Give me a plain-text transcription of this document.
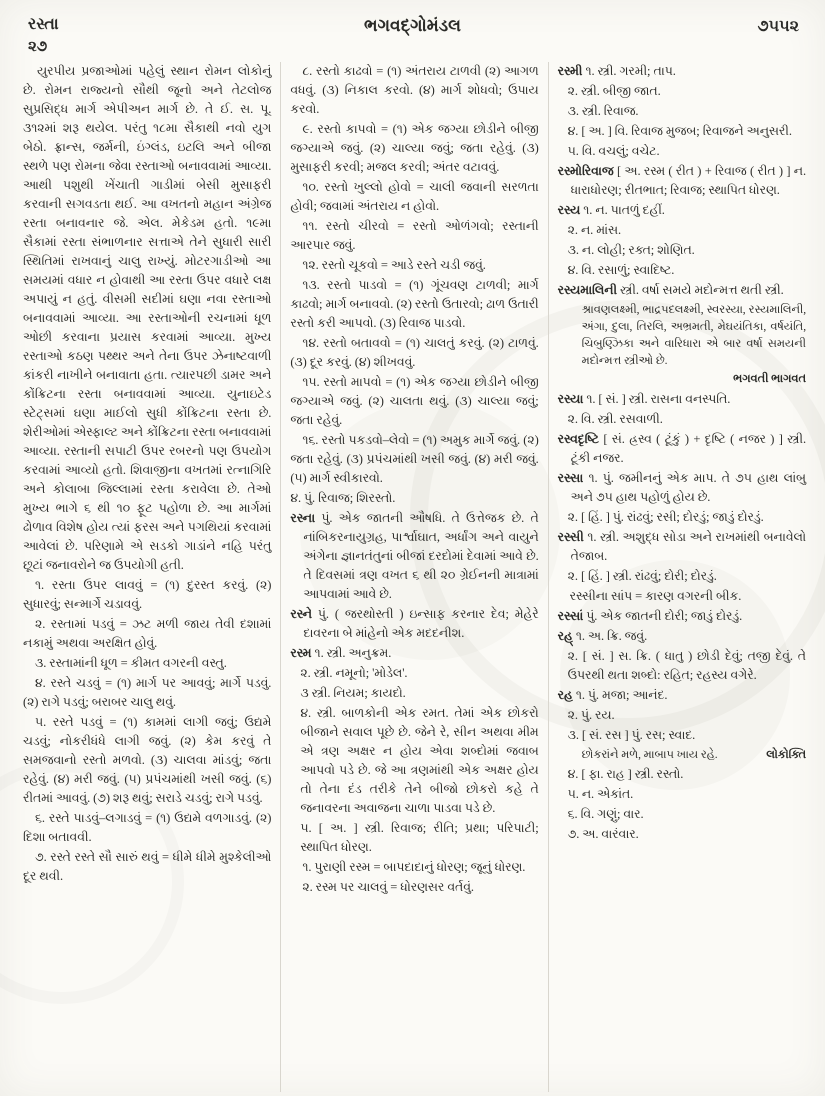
રસ્તા
૨૭
ભગવદ્ગોમંડલ	૭૫૫૨

યુરપીય પ્રજાઓમાં પહેલું સ્થાન રોમન લોકોનું છે. રોમન રાજ્યનો સૌથી જૂનો અને તેટલોજ સુપ્રસિદ્ધ માર્ગ એપીઅન માર્ગ છે. તે ઈ. સ. પૂ. ૩૧૨માં શરૂ થયેલ. પરંતુ ૧૮મા સૈકાથી નવો યુગ બેઠો. ફ્રાન્સ, જર્મની, ઇંગ્લંડ, ઇટલિ અને બીજા સ્થળે પણ રોમના જેવા રસ્તાઓ બનાવવામાં આવ્યા. આથી પશુથી ખેંચાતી ગાડીમાં બેસી મુસાફરી કરવાની સગવડતા થઈ. આ વખતનો મહાન અંગ્રેજ રસ્તા બનાવનાર જે. એલ. મેકેડમ હતો. ૧૯મા સૈકામાં રસ્તા સંભાળનાર સત્તાએ તેને સુધારી સારી સ્થિતિમાં રાખવાનું ચાલુ રાખ્યું. મોટરગાડીઓ આ સમયમાં વધાર ન હોવાથી આ રસ્તા ઉપર વધારે લક્ષ અપાયું ન હતું. વીસમી સદીમાં ઘણા નવા રસ્તાઓ બનાવવામાં આવ્યા. આ રસ્તાઓની રચનામાં ધૂળ ઓછી કરવાના પ્રયાસ કરવામાં આવ્યા. મુખ્ય રસ્તાઓ કઠણ પથ્થર અને તેના ઉપર ઝેનાષ્ટવાળી કાંકરી નાખીને બનાવાતા હતા. ત્યારપછી ડામર અને કોંક્રિટના રસ્તા બનાવવામાં આવ્યા. યુનાઇટેડ સ્ટેટ્સમાં ઘણા માઈલો સુધી કોંક્રિટના રસ્તા છે. શેરીઓમાં એસ્ફાલ્ટ અને કોંક્રિટના રસ્તા બનાવવામાં આવ્યા. રસ્તાની સપાટી ઉપર રબરનો પણ ઉપયોગ કરવામાં આવ્યો હતો. શિવાજીના વખતમાં રત્નાગિરિ અને કોલાબા જિલ્લામાં રસ્તા કરાવેલા છે. તેઓ મુખ્ય ભાગે ૬ થી ૧૦ ફૂટ પહોળા છે. આ માર્ગમાં ઢોળાવ વિશેષ હોય ત્યાં ફરસ અને પગથિયાં કરવામાં આવેલાં છે. પરિણામે એ સડકો ગાડાંને નહિ પરંતુ છૂટાં જનાવરોને જ ઉપયોગી હતી.

૧. રસ્તા ઉપર લાવવું = (૧) દુરસ્ત કરવું. (૨) સુધારવું; સન્માર્ગે ચડાવવું.

૨. રસ્તામાં પડવું = ઝટ મળી જાય તેવી દશામાં નકામું અથવા અરક્ષિત હોવું.

૩. રસ્તામાંની ધૂળ = કીમત વગરની વસ્તુ.

૪. રસ્તે ચડવું = (૧) માર્ગ પર આવવું; માર્ગે પડવું. (૨) રાગે પડવું; બરાબર ચાલુ થવું.

૫. રસ્તે પડવું = (૧) કામમાં લાગી જવું; ઉદ્યમે ચડવું; નોકરીધંધે લાગી જવું. (૨) કેમ કરવું તે સમજવાનો રસ્તો મળવો. (૩) ચાલવા માંડવું; જતા રહેવું. (૪) મરી જવું. (૫) પ્રપંચમાંથી ખસી જવું. (૬) રીતમાં આવવું. (૭) શરૂ થવું; સરાડે ચડવું; રાગે પડવું.

૬. રસ્તે પાડવું–લગાડવું = (૧) ઉદ્યમે વળગાડવું. (૨) દિશા બતાવવી.

૭. રસ્તે રસ્તે સૌ સારું થવું = ધીમે ધીમે મુશ્કેલીઓ દૂર થવી.

૮. રસ્તો કાઢવો = (૧) અંતરાય ટાળવી (૨) આગળ વધવું. (૩) નિકાલ કરવો. (૪) માર્ગ શોધવો; ઉપાય કરવો.

૯. રસ્તો કાપવો = (૧) એક જગ્યા છોડીને બીજી જગ્યાએ જવું. (૨) ચાલ્યા જવું; જતા રહેવું. (૩) મુસાફરી કરવી; મજલ કરવી; અંતર વટાવવું.

૧૦. રસ્તો ખુલ્લો હોવો = ચાલી જવાની સરળતા હોવી; જવામાં અંતરાય ન હોવો.

૧૧. રસ્તો ચીરવો = રસ્તો ઓળંગવો; રસ્તાની આરપાર જવું.

૧૨. રસ્તો ચૂકવો = આડે રસ્તે ચડી જવું.

૧૩. રસ્તો પાડવો = (૧) ગૂંચવણ ટાળવી; માર્ગ કાઢવો; માર્ગ બનાવવો. (૨) રસ્તો ઉતારવો; ઢાળ ઉતારી રસ્તો કરી આપવો. (૩) રિવાજ પાડવો.

૧૪. રસ્તો બતાવવો = (૧) ચાલતું કરવું. (૨) ટાળવું. (૩) દૂર કરવું. (૪) શીખવવું.

૧૫. રસ્તો માપવો = (૧) એક જગ્યા છોડીને બીજી જગ્યાએ જવું. (૨) ચાલતા થવું. (૩) ચાલ્યા જવું; જતા રહેવું.

૧૬. રસ્તો પકડવો–લેવો = (૧) અમુક માર્ગે જવું. (૨) જતા રહેવું. (૩) પ્રપંચમાંથી ખસી જવું. (૪) મરી જવું. (૫) માર્ગ સ્વીકારવો.

૪. પું. રિવાજ; શિરસ્તો.

રસ્ના પું. એક જાતની ઔષધિ. તે ઉત્તેજક છે. તે નાંબિકરનાયુગ્રહ, પાર્શ્વાઘાત, અર્ધાંગ અને વાયુને અંગેના જ્ઞાનતંતુનાં બીજાં દરદોમાં દેવામાં આવે છે. તે દિવસમાં ત્રણ વખત ૬ થી ૨૦ ગ્રેઈનની માત્રામાં આપવામાં આવે છે.

રસ્ને પું. ( જરથોસ્તી ) ઇન્સાફ કરનાર દેવ; મેહેરે દાવરના બે માંહેનો એક મદદનીશ.

રસ્મ ૧. સ્ત્રી. અનુક્રમ.

૨. સ્ત્રી. નમૂનો; 'મોડેલ'.

૩ સ્ત્રી. નિયમ; કાયદો.

૪. સ્ત્રી. બાળકોની એક રમત. તેમાં એક છોકરો બીજાને સવાલ પૂછે છે. જેને રે, સીન અથવા મીમ એ ત્રણ અક્ષર ન હોય એવા શબ્દોમાં જવાબ આપવો પડે છે. જે આ ત્રણમાંથી એક અક્ષર હોય તો તેના દંડ તરીકે તેને બીજો છોકરો કહે તે જનાવરના અવાજના ચાળા પાડવા પડે છે.

૫. [ અ. ] સ્ત્રી. રિવાજ; રીતિ; પ્રથા; પરિપાટી; સ્થાપિત ધોરણ.

૧. પુરાણી રસ્મ = બાપદાદાનું ધોરણ; જૂનું ધોરણ.

૨. રસ્મ પર ચાલવું = ધોરણસર વર્તવું.

રસ્મી ૧. સ્ત્રી. ગરમી; તાપ.

૨. સ્ત્રી. બીજી જાત.

૩. સ્ત્રી. રિવાજ.

૪. [ અ. ] વિ. રિવાજ મુજબ; રિવાજને અનુસરી.

૫. વિ. વચલું; વચેટ.

રસ્મોરિવાજ [ અ. રસ્મ ( રીત ) + રિવાજ ( રીત ) ] ન. ધારાધોરણ; રીતભાત; રિવાજ; સ્થાપિત ધોરણ.

રસ્ય ૧. ન. પાતળું દહીં.

૨. ન. માંસ.

૩. ન. લોહી; રક્ત; શોણિત.

૪. વિ. રસાળું; સ્વાદિષ્ટ.

રસ્યમાલિની સ્ત્રી. વર્ષા સમયે મદોન્મત્ત થતી સ્ત્રી.

શ્રાવણલક્ષ્મી, ભાદ્રપદલક્ષ્મી, સ્વરસ્યા, રસ્યમાલિની, અંગા, દુલા, તિરલિ, અભ્રમતી, મેઘયંતિકા, વર્ષયંતિ, ચિબુણ્ઝિકા અને વારિધારા એ બાર વર્ષા સમયની મદોન્મત્ત સ્ત્રીઓ છે.

ભગવતી ભાગવત

રસ્યા ૧. [ સં. ] સ્ત્રી. રાસના વનસ્પતિ.

૨. વિ. સ્ત્રી. રસવાળી.

રસ્વદૃષ્ટિ [ સં. હ્રસ્વ ( ટૂંકું ) + દૃષ્ટિ ( નજર ) ] સ્ત્રી. ટૂંકી નજર.

રસ્સા ૧. પું. જમીનનું એક માપ. તે ૭૫ હાથ લાંબુ અને ૭૫ હાથ પહોળું હોય છે.

૨. [ હિં. ] પું. રાંઢવું; રસી; દોરડું; જાડું દોરડું.

રસ્સી ૧. સ્ત્રી. અશુદ્ધ સોડા અને રાખમાંથી બનાવેલો તેજાબ.

૨. [ હિં. ] સ્ત્રી. રાંઢવું; દોરી; દોરડું.

રસ્સીના સાંપ = કારણ વગરની બીક.

રસ્સાં પું. એક જાતની દોરી; જાડું દોરડું.

રહ્ ૧. અ. ક્રિ. જવું.

૨. [ સં. ] સ. ક્રિ. ( ધાતુ ) છોડી દેવું; તજી દેવું. તે ઉપરથી થતા શબ્દો: રહિત; રહસ્ય વગેરે.

રહ ૧. પું. મજા; આનંદ.

૨. પું. રય.

૩. [ સં. રસ ] પું. રસ; સ્વાદ.

લોકોક્તિ
છોકરાંને મળે, માબાપ ખાય રહે.

૪. [ ફા. રાહ ] સ્ત્રી. રસ્તો.

૫. ન. એકાંત.

૬. વિ. ગણું; વાર.

૭. અ. વારંવાર.
